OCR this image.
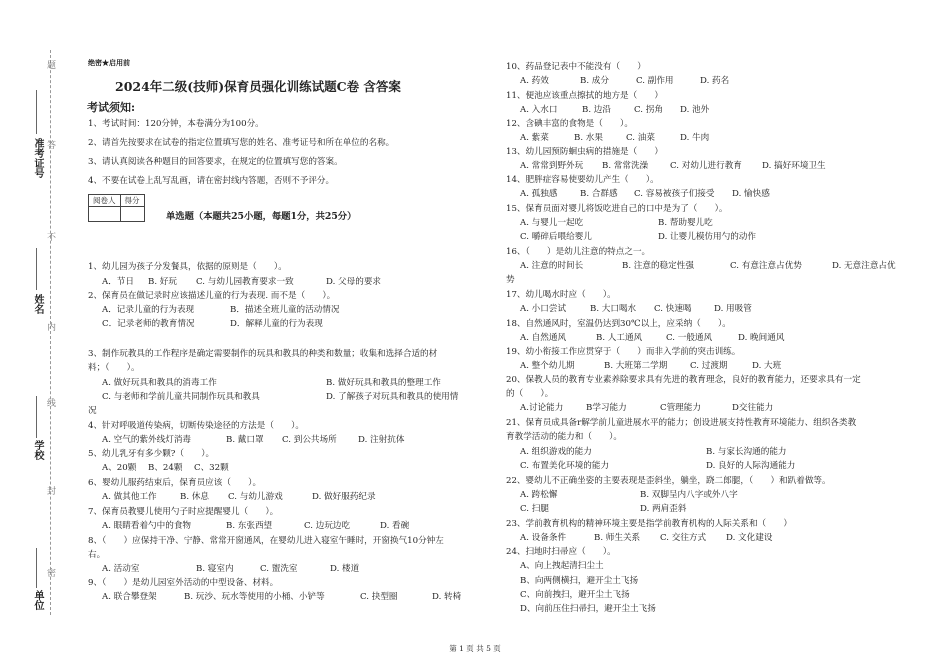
题
答
不
内
线
封
密
准考证号
姓名
学校
单位
绝密★启用前
2024年二级(技师)保育员强化训练试题C卷 含答案
考试须知:
1、考试时间：120分钟，本卷满分为100分。
2、请首先按要求在试卷的指定位置填写您的姓名、准考证号和所在单位的名称。
3、请认真阅读各种题目的回答要求，在规定的位置填写您的答案。
4、不要在试卷上乱写乱画，请在密封线内答题，否则不予评分。
阅卷人	得分

单选题（本题共25小题，每题1分，共25分）
1、幼儿园为孩子分发餐具，依据的原则是（　　）。
A．节日 B. 好玩 C. 与幼儿园教育要求一致	D. 父母的要求
2、保育员在做记录时应该描述儿童的行为表现. 而不是（　　）。
A．记录儿童的行为表现	B．描述全班儿童的活动情况
C．记录老师的教育情况	D．解释儿童的行为表现
3、制作玩教具的工作程序是确定需要制作的玩具和教具的种类和数量；收集和选择合适的材
料；（　　）。
A. 做好玩具和教具的消毒工作	B. 做好玩具和教具的整理工作
C. 与老师和学前儿童共同制作玩具和教具	D. 了解孩子对玩具和教具的使用情
况
4、针对呼吸道传染病，切断传染途径的方法是（　　）。
A. 空气的紫外线灯消毒	B. 戴口罩 C. 到公共场所 D. 注射抗体
5、幼儿乳牙有多少颗?（　　）。
A、20颗 B、24颗 C、32颗
6、婴幼儿服药结束后，保育员应该（　　）。
A. 做其他工作	B. 休息 C. 与幼儿游戏	D. 做好服药纪录
7、保育员教婴儿使用勺子时应提醒婴儿（　　）。
A. 眼睛看着勺中的食物	B. 东张西望	C. 边玩边吃	D. 看碗
8、（　　）应保持干净、宁静、常常开窗通风，在婴幼儿进入寝室午睡时，开窗换气10分钟左
右。
A. 活动室	B. 寝室内	C. 盥洗室	D. 楼道
9、（　　）是幼儿园室外活动的中型设备、材料。
A. 联合攀登架	B. 玩沙、玩水等使用的小桶、小铲等	C. 抉型圈	D. 转椅
10、药品登记表中不能没有（　　）
A. 药效	B. 成分	C. 副作用	D. 药名
11、便池应该重点擦拭的地方是（　　）
A. 入水口	B. 边沿	C. 拐角 D. 池外
12、含碘丰富的食物是（　　）。
A. 紫菜	B. 水果	C. 油菜	D. 牛肉
13、幼儿园预防蛔虫病的措施是（　　）
A. 常常到野外玩 B. 常常洗澡	C. 对幼儿进行教育 D. 搞好环境卫生
14、肥胖症容易使要幼儿产生（　　）。
A. 孤独感	B. 合群感 C. 容易被孩子们接受 D. 愉快感
15、保育员面对婴儿将饭吃进自己的口中是为了（　　）。
A. 与婴儿一起吃	B. 帮助婴儿吃
C. 嚼碎后喂给婴儿	D. 让婴儿模仿用勺的动作
16、（　　）是幼儿注意的特点之一。
A. 注意的时间长	B. 注意的稳定性强	C. 有意注意占优势	D. 无意注意占优
势
17、幼儿喝水时应（　　）。
A. 小口尝试	B. 大口喝水 C. 快速喝	D. 用吸管
18、自然通风时，室温仍达到30℃以上，应采纳（　　）。
A. 自然通风	B. 人工通风	C. 一般通风	D. 晚间通风
19、幼小衔接工作应贯穿于（　　）而非入学前的突击训练。
A. 整个幼儿期	B. 大班第二学期	C. 过渡期	D. 大班
20、保教人员的教育专业素养除要求具有先进的教育理念，良好的教育能力，还要求具有一定
的（　　）。
A.讨论能力	B学习能力	C管理能力	D交往能力
21、保育员成具备r解学前儿童进展水平的能力；创设进展支持性教育环境能力、组织各类教
育教学活动的能力和（　　）。
A. 组织游戏的能力	B. 与家长沟通的能力
C. 布置美化环境的能力	D. 良好的人际沟通能力
22、婴幼儿不正确坐姿的主要表现是歪斜坐，躺坐，跷二郎腿，（　　）和趴着做等。
A. 跨松懈	B. 双脚呈内八字或外八字
C. 扫腿	D. 两肩歪斜
23、学前教育机构的精神环境主要是指学前教育机构的人际关系和（　　）
A. 设备条件	B. 师生关系 C. 交往方式 D. 文化建设
24、扫地时扫帚应（　　）。
A、向上拽起清扫尘土
B、向两侧横扫，避开尘土飞扬
C、向前拽扫，避开尘土飞扬
D、向前压住扫帚扫，避开尘土飞扬
第 1 页 共 5 页
